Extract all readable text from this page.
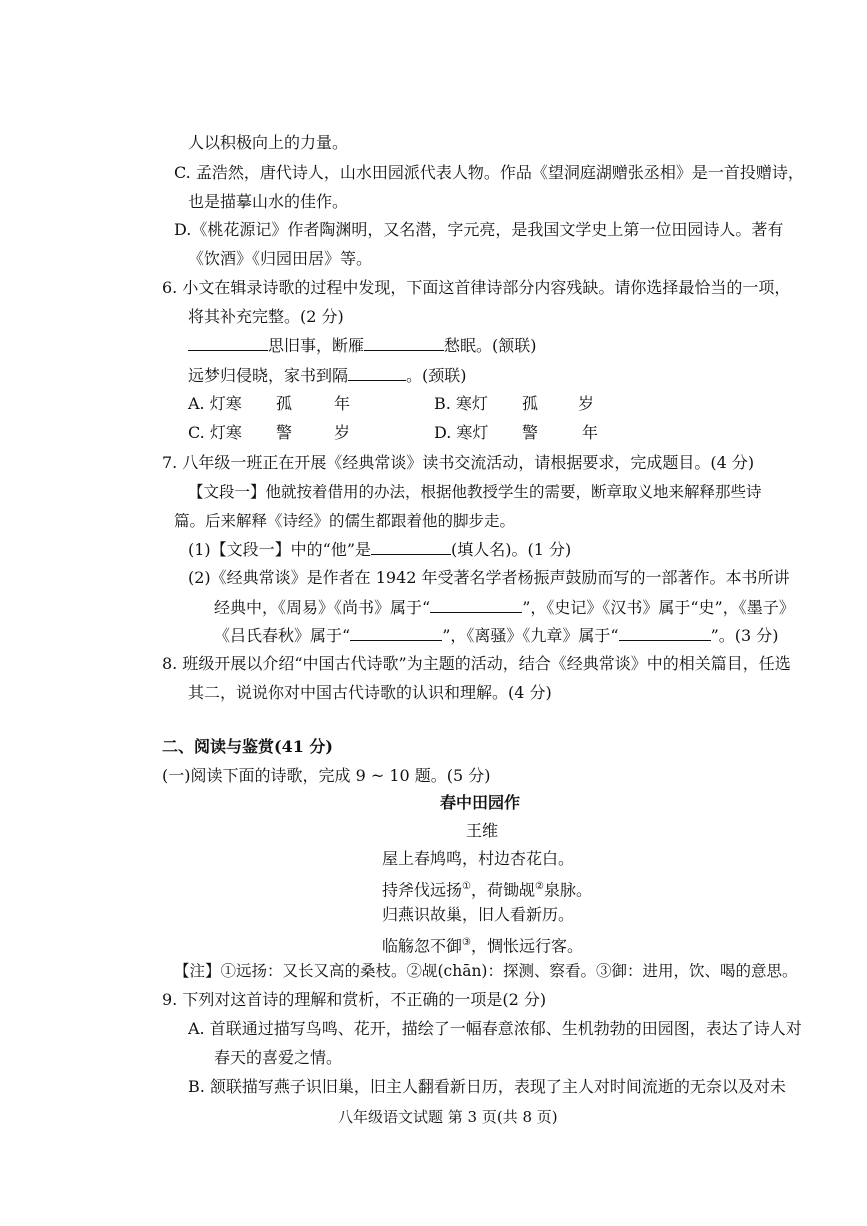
人以积极向上的力量。
C. 孟浩然，唐代诗人，山水田园派代表人物。作品《望洞庭湖赠张丞相》是一首投赠诗，
也是描摹山水的佳作。
D.《桃花源记》作者陶渊明，又名潜，字元亮，是我国文学史上第一位田园诗人。著有
《饮酒》《归园田居》等。
6. 小文在辑录诗歌的过程中发现，下面这首律诗部分内容残缺。请你选择最恰当的一项，
将其补充完整。(2 分)
思旧事，断雁	愁眠。(颔联)
远梦归侵晓，家书到隔	。(颈联)
A. 灯寒 孤	年	B. 寒灯 孤 岁
C. 灯寒 警	岁	D. 寒灯 警	年
7. 八年级一班正在开展《经典常谈》读书交流活动，请根据要求，完成题目。(4 分)
【文段一】他就按着借用的办法，根据他教授学生的需要，断章取义地来解释那些诗
篇。后来解释《诗经》的儒生都跟着他的脚步走。
(1)【文段一】中的“他”是	(填人名)。(1 分)
(2)《经典常谈》是作者在 1942 年受著名学者杨振声鼓励而写的一部著作。本书所讲
经典中，《周易》《尚书》属于“	”，《史记》《汉书》属于“史”，《墨子》
《吕氏春秋》属于“	”，《离骚》《九章》属于“	”。(3 分)
8. 班级开展以介绍“中国古代诗歌”为主题的活动，结合《经典常谈》中的相关篇目，任选
其二，说说你对中国古代诗歌的认识和理解。(4 分)
二、阅读与鉴赏(41 分)
(一)阅读下面的诗歌，完成 9 ~ 10 题。(5 分)
春中田园作
王维
屋上春鸠鸣，村边杏花白。
持斧伐远扬①，荷锄觇②泉脉。
归燕识故巢，旧人看新历。
临觞忽不御③，惆怅远行客。
【注】①远扬：又长又高的桑枝。②觇(chān)：探测、察看。③御：进用，饮、喝的意思。
9. 下列对这首诗的理解和赏析，不正确的一项是(2 分)
A. 首联通过描写鸟鸣、花开，描绘了一幅春意浓郁、生机勃勃的田园图，表达了诗人对
春天的喜爱之情。
B. 颔联描写燕子识旧巢，旧主人翻看新日历，表现了主人对时间流逝的无奈以及对未
八年级语文试题 第 3 页(共 8 页)
